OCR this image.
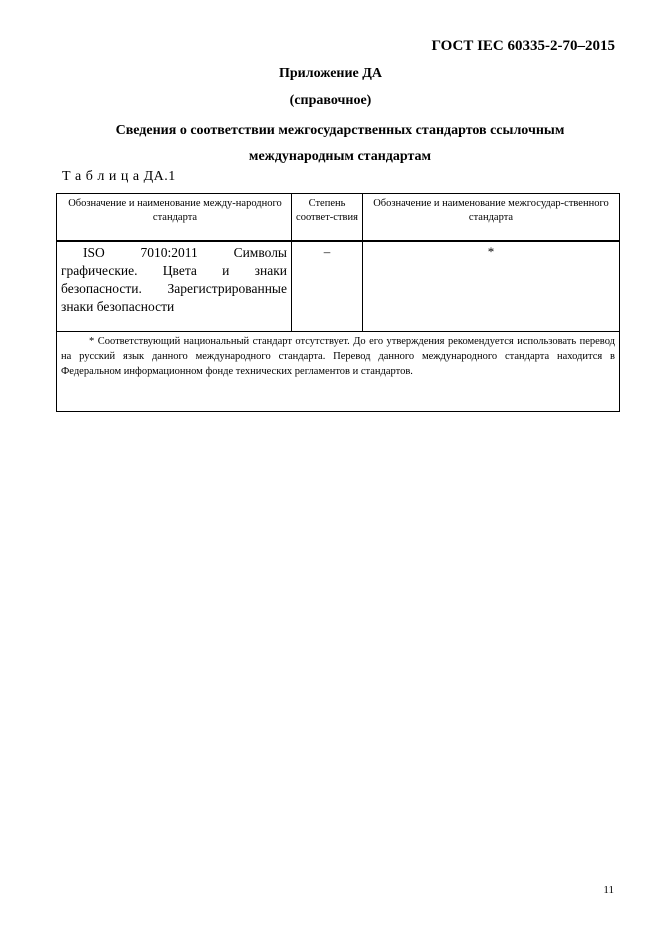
ГОСТ IEC 60335-2-70–2015
Приложение ДА
(справочное)
Сведения о соответствии межгосударственных стандартов ссылочным
международным стандартам
Т а б л и ц а ДА.1
Обозначение и наименование между-народного стандарта
Степень соответ-ствия
Обозначение и наименование межгосудар-ственного стандарта
ISO 7010:2011 Символы графические. Цвета и знаки безопасности. Зарегистрированные знаки безопасности
–	*
* Соответствующий национальный стандарт отсутствует. До его утверждения рекомендуется использовать перевод на русский язык данного международного стандарта. Перевод данного международного стандарта находится в Федеральном информационном фонде технических регламентов и стандартов.
11
